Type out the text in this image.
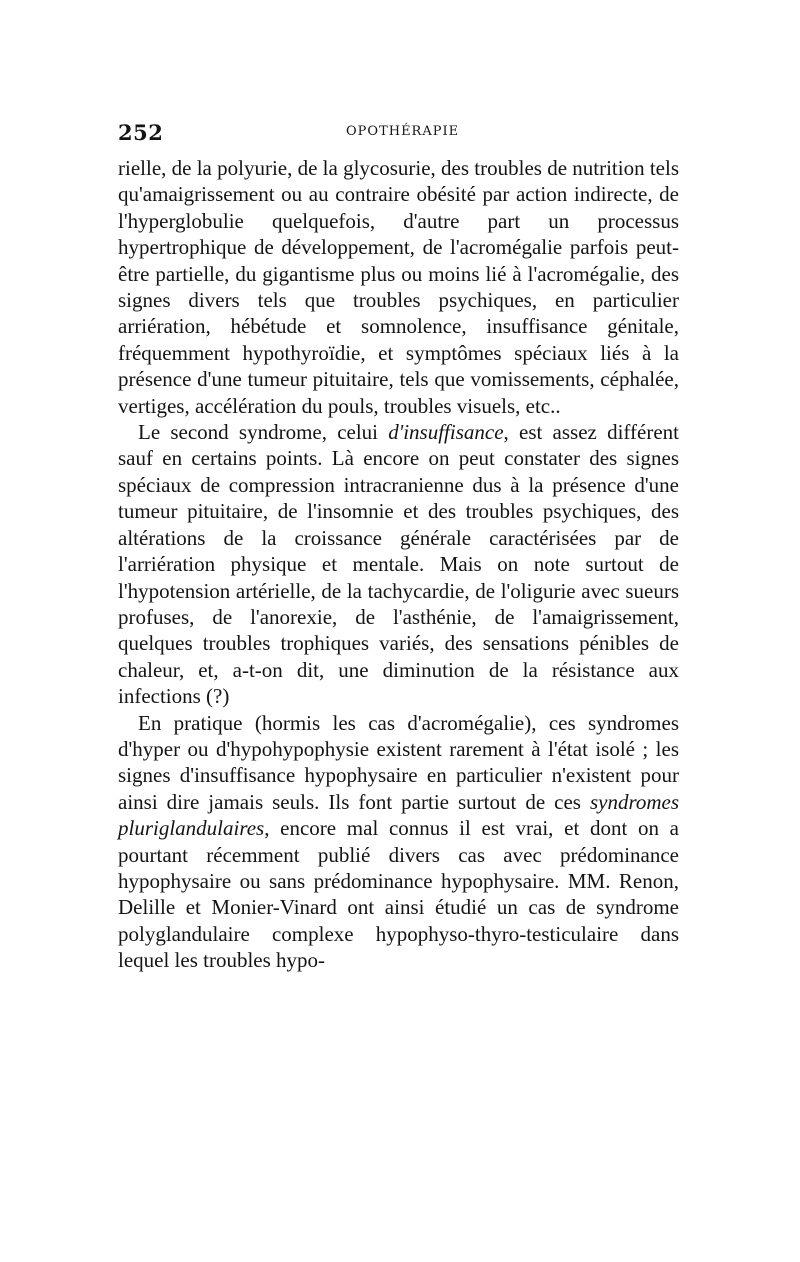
252	OPOTHÉRAPIE

rielle, de la polyurie, de la glycosurie, des troubles de nutrition tels qu'amaigrissement ou au contraire obésité par action indirecte, de l'hyperglobulie quelquefois, d'autre part un processus hypertrophique de développement, de l'acromégalie parfois peut-être partielle, du gigantisme plus ou moins lié à l'acromégalie, des signes divers tels que troubles psychiques, en particulier arriération, hébétude et somnolence, insuffisance génitale, fréquemment hypothyroïdie, et symptômes spéciaux liés à la présence d'une tumeur pituitaire, tels que vomissements, céphalée, vertiges, accélération du pouls, troubles visuels, etc..

Le second syndrome, celui d'insuffisance, est assez différent sauf en certains points. Là encore on peut constater des signes spéciaux de compression intracranienne dus à la présence d'une tumeur pituitaire, de l'insomnie et des troubles psychiques, des altérations de la croissance générale caractérisées par de l'arriération physique et mentale. Mais on note surtout de l'hypotension artérielle, de la tachycardie, de l'oligurie avec sueurs profuses, de l'anorexie, de l'asthénie, de l'amaigrissement, quelques troubles trophiques variés, des sensations pénibles de chaleur, et, a-t-on dit, une diminution de la résistance aux infections (?)

En pratique (hormis les cas d'acromégalie), ces syndromes d'hyper ou d'hypohypophysie existent rarement à l'état isolé ; les signes d'insuffisance hypophysaire en particulier n'existent pour ainsi dire jamais seuls. Ils font partie surtout de ces syndromes pluriglandulaires, encore mal connus il est vrai, et dont on a pourtant récemment publié divers cas avec prédominance hypophysaire ou sans prédominance hypophysaire. MM. Renon, Delille et Monier-Vinard ont ainsi étudié un cas de syndrome polyglandulaire complexe hypophyso-thyro-testiculaire dans lequel les troubles hypo-
